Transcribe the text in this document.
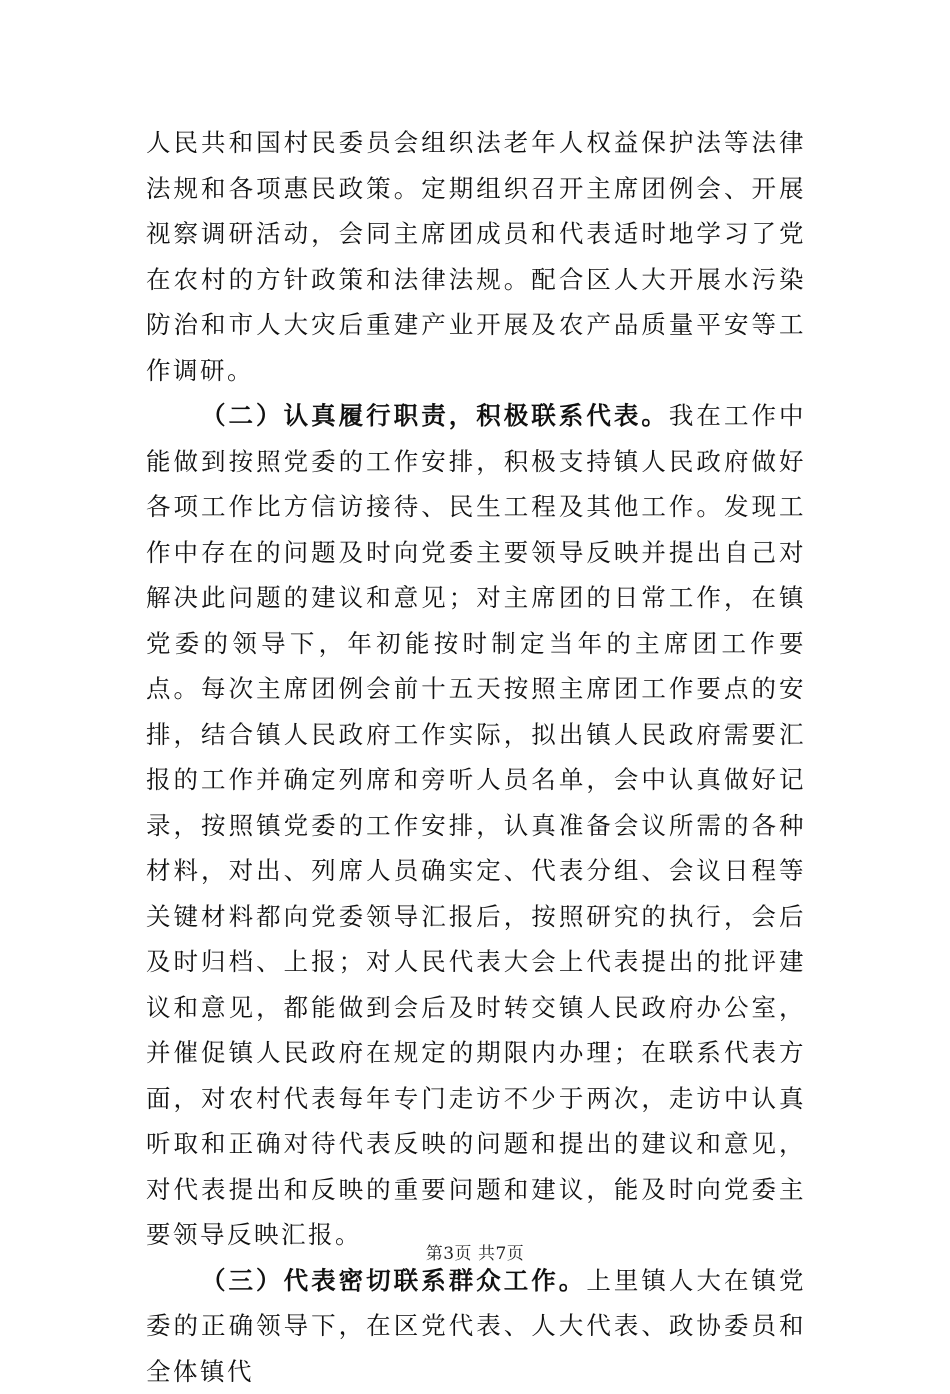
人民共和国村民委员会组织法老年人权益保护法等法律法规和各项惠民政策。定期组织召开主席团例会、开展视察调研活动，会同主席团成员和代表适时地学习了党在农村的方针政策和法律法规。配合区人大开展水污染防治和市人大灾后重建产业开展及农产品质量平安等工作调研。

（二）认真履行职责，积极联系代表。我在工作中能做到按照党委的工作安排，积极支持镇人民政府做好各项工作比方信访接待、民生工程及其他工作。发现工作中存在的问题及时向党委主要领导反映并提出自己对解决此问题的建议和意见；对主席团的日常工作，在镇党委的领导下，年初能按时制定当年的主席团工作要点。每次主席团例会前十五天按照主席团工作要点的安排，结合镇人民政府工作实际，拟出镇人民政府需要汇报的工作并确定列席和旁听人员名单，会中认真做好记录，按照镇党委的工作安排，认真准备会议所需的各种材料，对出、列席人员确实定、代表分组、会议日程等关键材料都向党委领导汇报后，按照研究的执行，会后及时归档、上报；对人民代表大会上代表提出的批评建议和意见，都能做到会后及时转交镇人民政府办公室，并催促镇人民政府在规定的期限内办理；在联系代表方面，对农村代表每年专门走访不少于两次，走访中认真听取和正确对待代表反映的问题和提出的建议和意见，对代表提出和反映的重要问题和建议，能及时向党委主要领导反映汇报。

（三）代表密切联系群众工作。上里镇人大在镇党委的正确领导下，在区党代表、人大代表、政协委员和全体镇代

第3页 共7页
